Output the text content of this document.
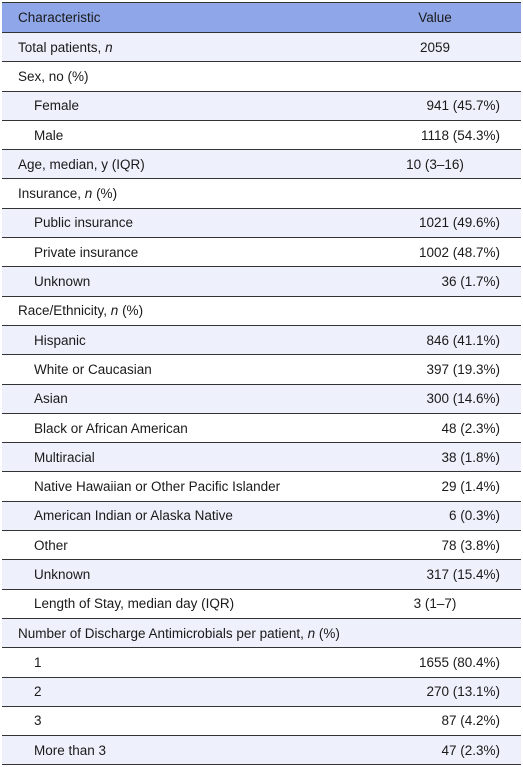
Characteristic	Value
Total patients, n	2059
Sex, no (%)	
Female	941 (45.7%)
Male	1118 (54.3%)
Age, median, y (IQR)	10 (3–16)
Insurance, n (%)	
Public insurance	1021 (49.6%)
Private insurance	1002 (48.7%)
Unknown	36 (1.7%)
Race/Ethnicity, n (%)	
Hispanic	846 (41.1%)
White or Caucasian	397 (19.3%)
Asian	300 (14.6%)
Black or African American	48 (2.3%)
Multiracial	38 (1.8%)
Native Hawaiian or Other Pacific Islander	29 (1.4%)
American Indian or Alaska Native	6 (0.3%)
Other	78 (3.8%)
Unknown	317 (15.4%)
Length of Stay, median day (IQR)	3 (1–7)
Number of Discharge Antimicrobials per patient, n (%)	
1	1655 (80.4%)
2	270 (13.1%)
3	87 (4.2%)
More than 3	47 (2.3%)
